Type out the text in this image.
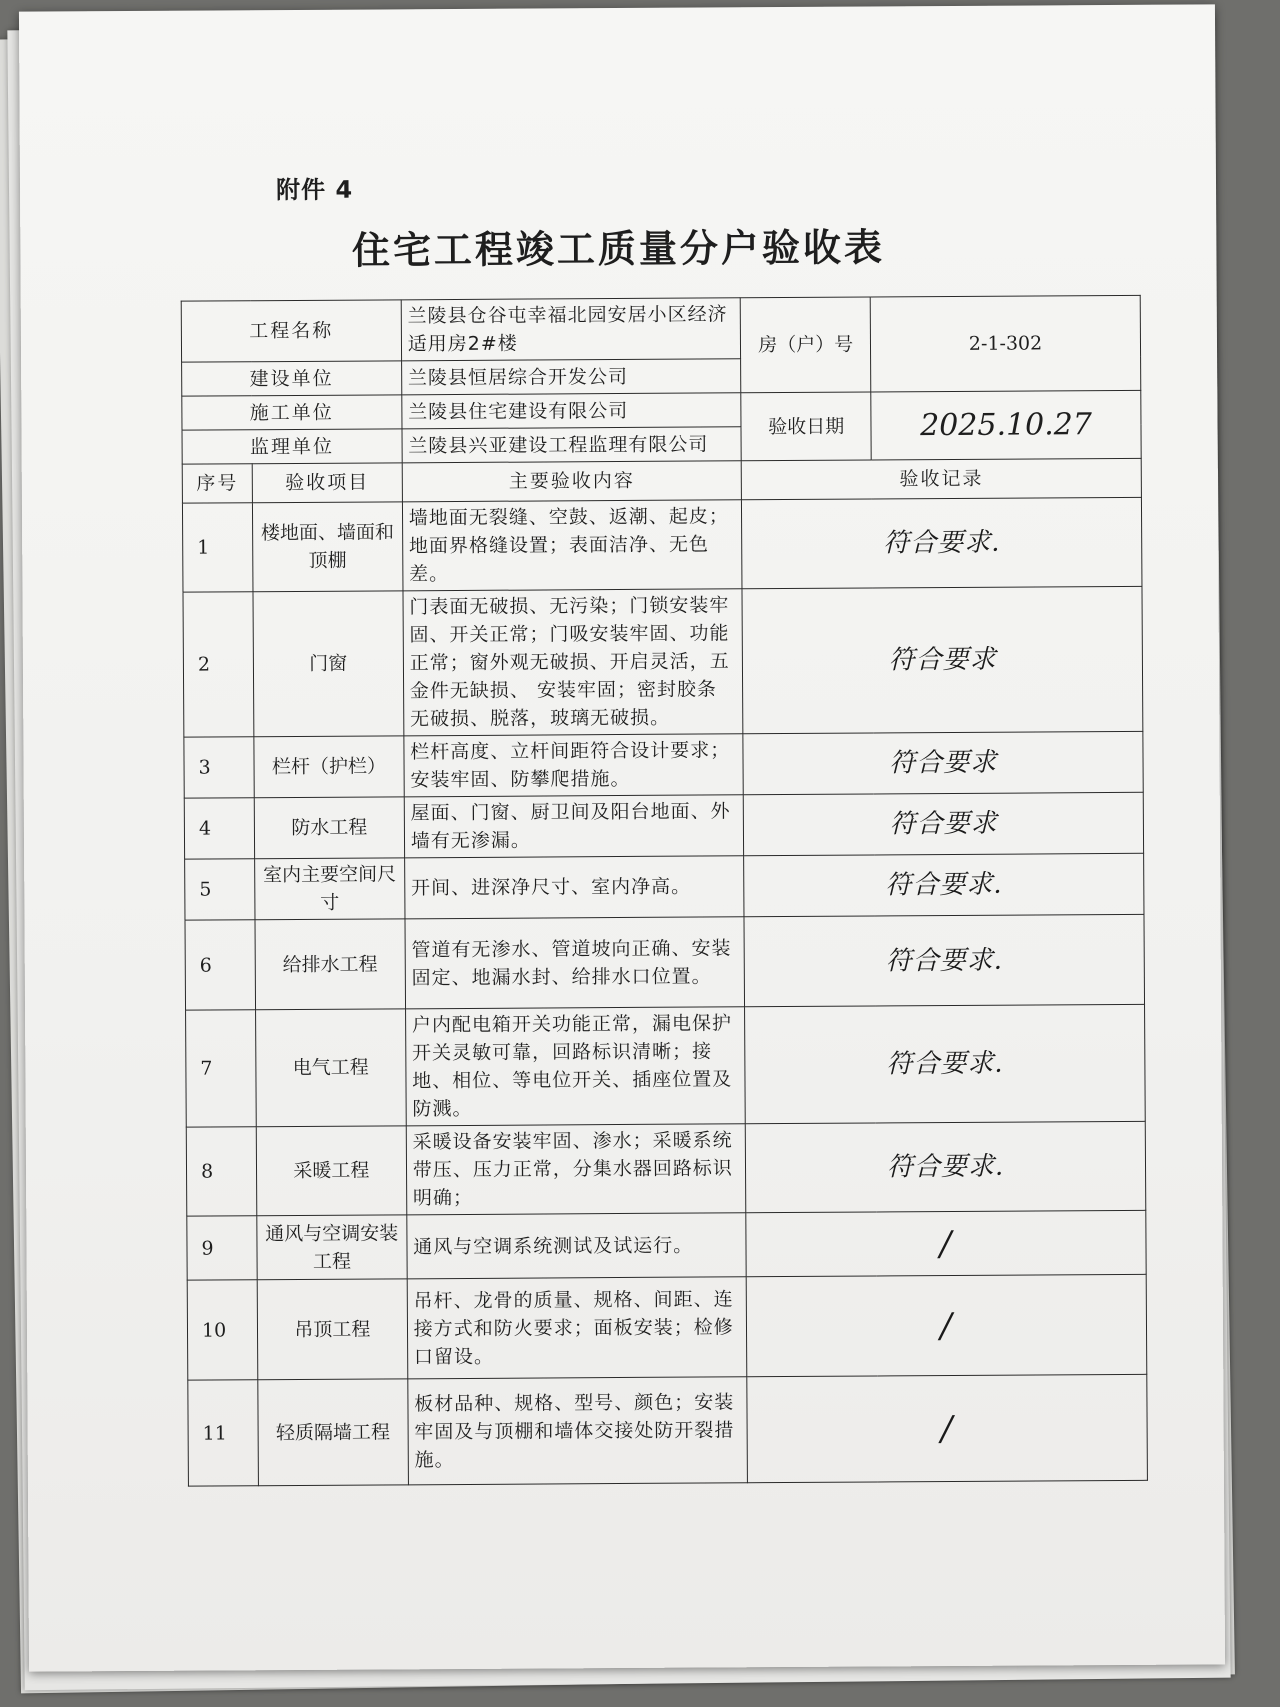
附件 4
住宅工程竣工质量分户验收表
工程名称		兰陵县仓谷屯幸福北园安居小区经济适用房2#楼	房（户）号	2-1-302
建设单位		兰陵县恒居综合开发公司		
施工单位		兰陵县住宅建设有限公司	验收日期	2025.10.27
监理单位		兰陵县兴亚建设工程监理有限公司		
序号	验收项目	主要验收内容	验收记录	
1	楼地面、墙面和顶棚	墙地面无裂缝、空鼓、返潮、起皮；地面界格缝设置；表面洁净、无色差。	符合要求.	
2	门窗	门表面无破损、无污染；门锁安装牢固、开关正常；门吸安装牢固、功能正常；窗外观无破损、开启灵活，五金件无缺损、 安装牢固；密封胶条无破损、脱落，玻璃无破损。	符合要求	
3	栏杆（护栏）	栏杆高度、立杆间距符合设计要求；安装牢固、防攀爬措施。	符合要求	
4	防水工程	屋面、门窗、厨卫间及阳台地面、外墙有无渗漏。	符合要求	
5	室内主要空间尺寸	开间、进深净尺寸、室内净高。	符合要求.	
6	给排水工程	管道有无渗水、管道坡向正确、安装固定、地漏水封、给排水口位置。	符合要求.	
7	电气工程	户内配电箱开关功能正常，漏电保护开关灵敏可靠，回路标识清晰；接地、相位、等电位开关、插座位置及防溅。	符合要求.	
8	采暖工程	采暖设备安装牢固、渗水；采暖系统带压、压力正常，分集水器回路标识明确；	符合要求.	
9	通风与空调安装工程	通风与空调系统测试及试运行。	/	
10	吊顶工程	吊杆、龙骨的质量、规格、间距、连接方式和防火要求；面板安装；检修口留设。	/	
11	轻质隔墙工程	板材品种、规格、型号、颜色；安装牢固及与顶棚和墙体交接处防开裂措施。	/	
